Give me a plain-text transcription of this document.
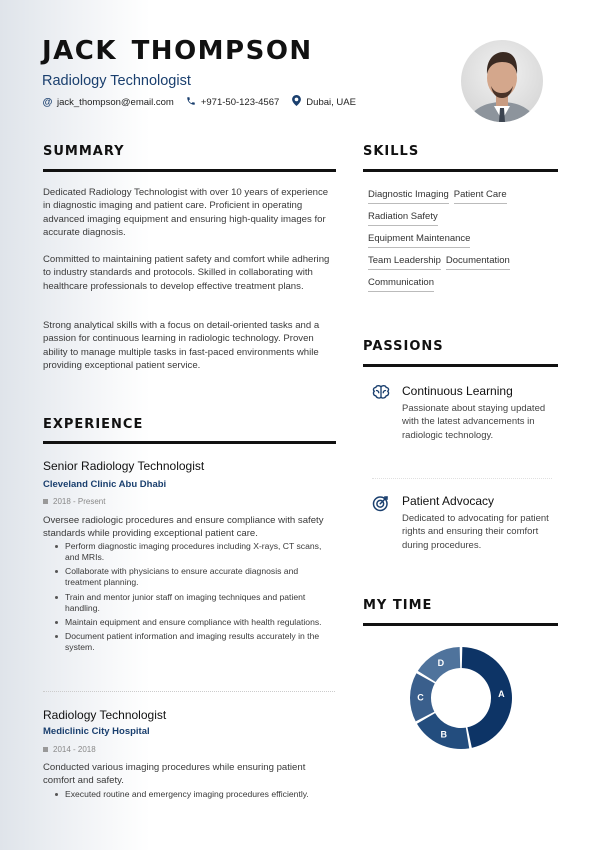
JACK THOMPSON
Radiology Technologist
@ jack_thompson@email.com	+971-50-123-4567	Dubai, UAE
SUMMARY
Dedicated Radiology Technologist with over 10 years of experience in diagnostic imaging and patient care. Proficient in operating advanced imaging equipment and ensuring high-quality images for accurate diagnosis.
Committed to maintaining patient safety and comfort while adhering to industry standards and protocols. Skilled in collaborating with healthcare professionals to develop effective treatment plans.
Strong analytical skills with a focus on detail-oriented tasks and a passion for continuous learning in radiologic technology. Proven ability to manage multiple tasks in fast-paced environments while providing exceptional patient service.
EXPERIENCE
Senior Radiology Technologist
Cleveland Clinic Abu Dhabi
2018 - Present
Oversee radiologic procedures and ensure compliance with safety standards while providing exceptional patient care.
Perform diagnostic imaging procedures including X-rays, CT scans, and MRIs.
Collaborate with physicians to ensure accurate diagnosis and treatment planning.
Train and mentor junior staff on imaging techniques and patient handling.
Maintain equipment and ensure compliance with health regulations.
Document patient information and imaging results accurately in the system.
Radiology Technologist
Mediclinic City Hospital
2014 - 2018
Conducted various imaging procedures while ensuring patient comfort and safety.
Executed routine and emergency imaging procedures efficiently.
SKILLS
Diagnostic Imaging Patient Care
Radiation Safety
Equipment Maintenance
Team Leadership Documentation
Communication
PASSIONS
Continuous Learning
Passionate about staying updated with the latest advancements in radiologic technology.
Patient Advocacy
Dedicated to advocating for patient rights and ensuring their comfort during procedures.
MY TIME
A
B
C
D
